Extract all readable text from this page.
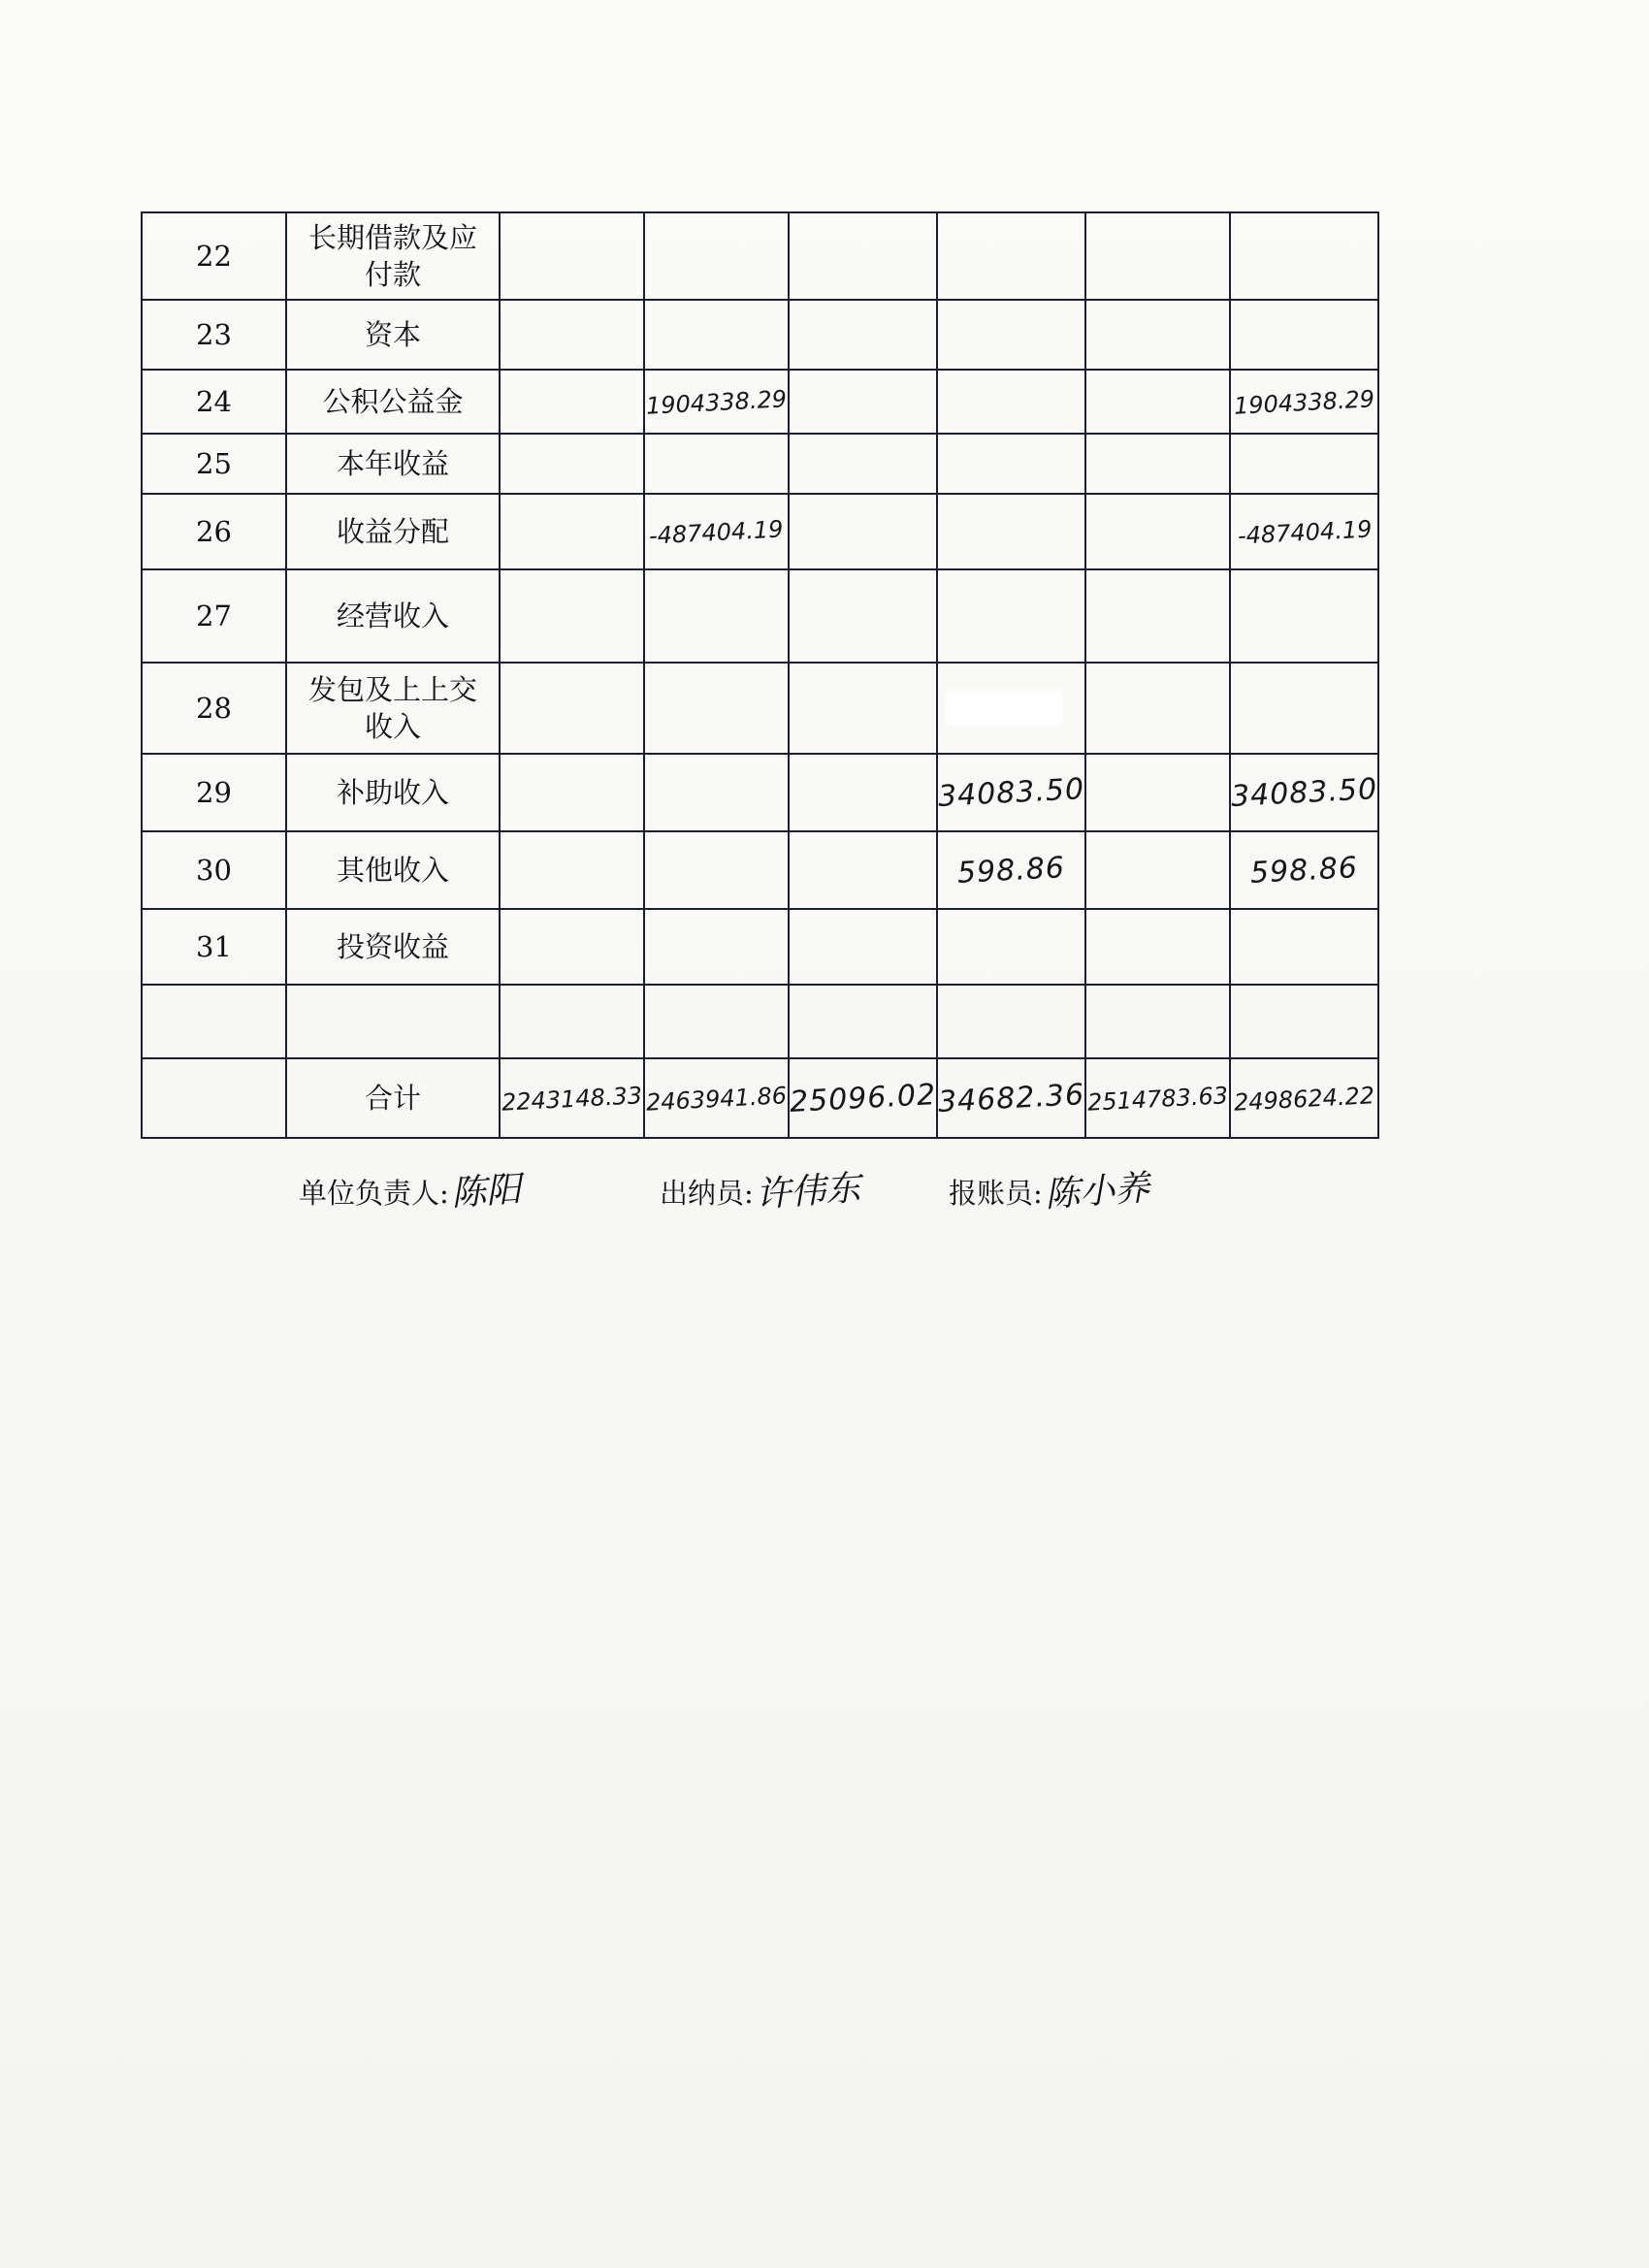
22	长期借款及应付款						
23	资本						
24	公积公益金		1904338.29				1904338.29
25	本年收益						
26	收益分配		-487404.19				-487404.19
27	经营收入						
28	发包及上上交收入						
29	补助收入				34083.50		34083.50
30	其他收入				598.86		598.86
31	投资收益						

	合计	2243148.33	2463941.86	25096.02	34682.36	2514783.63	2498624.22
单位负责人:陈阳	出纳员:许伟东	报账员:陈小养
